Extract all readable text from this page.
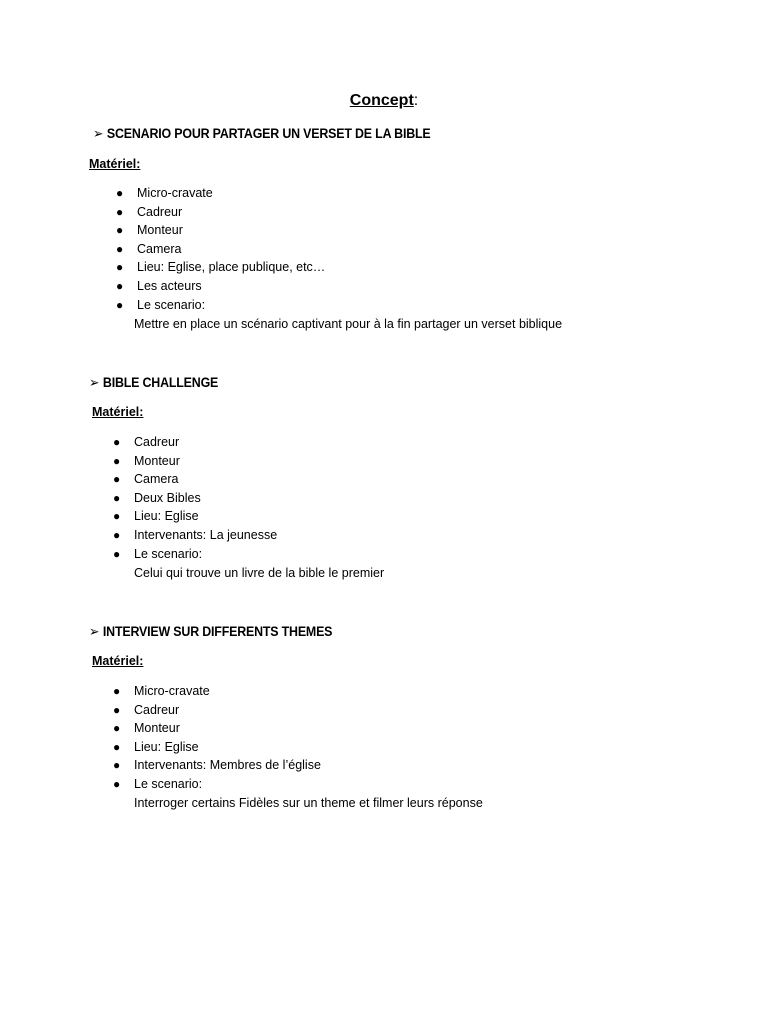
Concept:
➢ SCENARIO POUR PARTAGER UN VERSET DE LA BIBLE
Matériel:
● Micro-cravate
● Cadreur
● Monteur
● Camera
● Lieu: Eglise, place publique, etc…
● Les acteurs
● Le scenario:
Mettre en place un scénario captivant pour à la fin partager un verset biblique
➢ BIBLE CHALLENGE
Matériel:
● Cadreur
● Monteur
● Camera
● Deux Bibles
● Lieu: Eglise
● Intervenants: La jeunesse
● Le scenario:
Celui qui trouve un livre de la bible le premier
➢ INTERVIEW SUR DIFFERENTS THEMES
Matériel:
● Micro-cravate
● Cadreur
● Monteur
● Lieu: Eglise
● Intervenants: Membres de l’église
● Le scenario:
Interroger certains Fidèles sur un theme et filmer leurs réponse
